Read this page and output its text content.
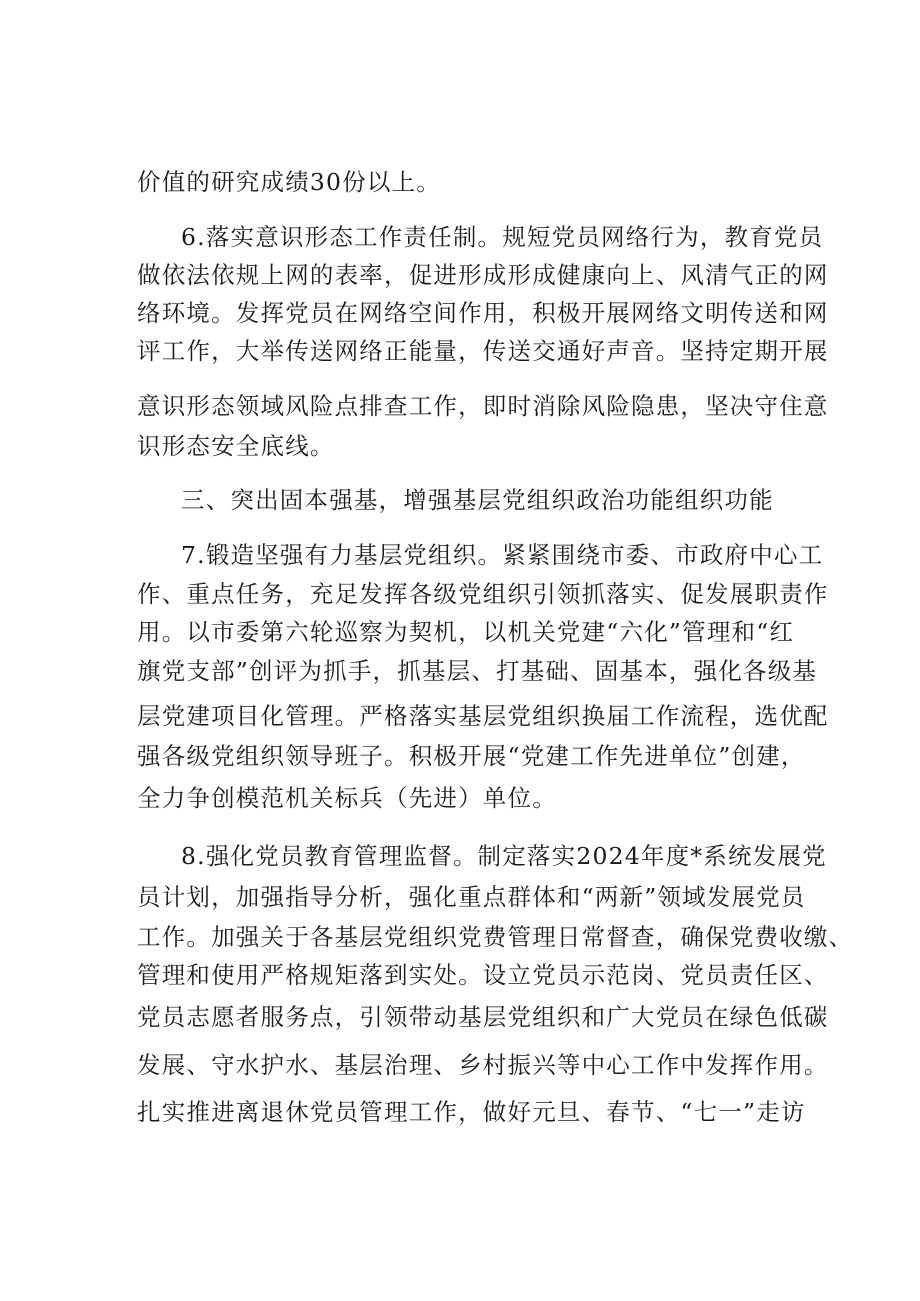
价值的研究成绩30份以上。
6.落实意识形态工作责任制。规短党员网络行为，教育党员
做依法依规上网的表率，促进形成形成健康向上、风清气正的网
络环境。发挥党员在网络空间作用，积极开展网络文明传送和网
评工作，大举传送网络正能量，传送交通好声音。坚持定期开展
意识形态领域风险点排查工作，即时消除风险隐患，坚决守住意
识形态安全底线。
三、突出固本强基，增强基层党组织政治功能组织功能
7.锻造坚强有力基层党组织。紧紧围绕市委、市政府中心工
作、重点任务，充足发挥各级党组织引领抓落实、促发展职责作
用。以市委第六轮巡察为契机，以机关党建“六化”管理和“红
旗党支部”创评为抓手，抓基层、打基础、固基本，强化各级基
层党建项目化管理。严格落实基层党组织换届工作流程，选优配
强各级党组织领导班子。积极开展“党建工作先进单位”创建，
全力争创模范机关标兵（先进）单位。
8.强化党员教育管理监督。制定落实2024年度*系统发展党
员计划，加强指导分析，强化重点群体和“两新”领域发展党员
工作。加强关于各基层党组织党费管理日常督查，确保党费收缴、
管理和使用严格规矩落到实处。设立党员示范岗、党员责任区、
党员志愿者服务点，引领带动基层党组织和广大党员在绿色低碳
发展、守水护水、基层治理、乡村振兴等中心工作中发挥作用。
扎实推进离退休党员管理工作，做好元旦、春节、“七一”走访
